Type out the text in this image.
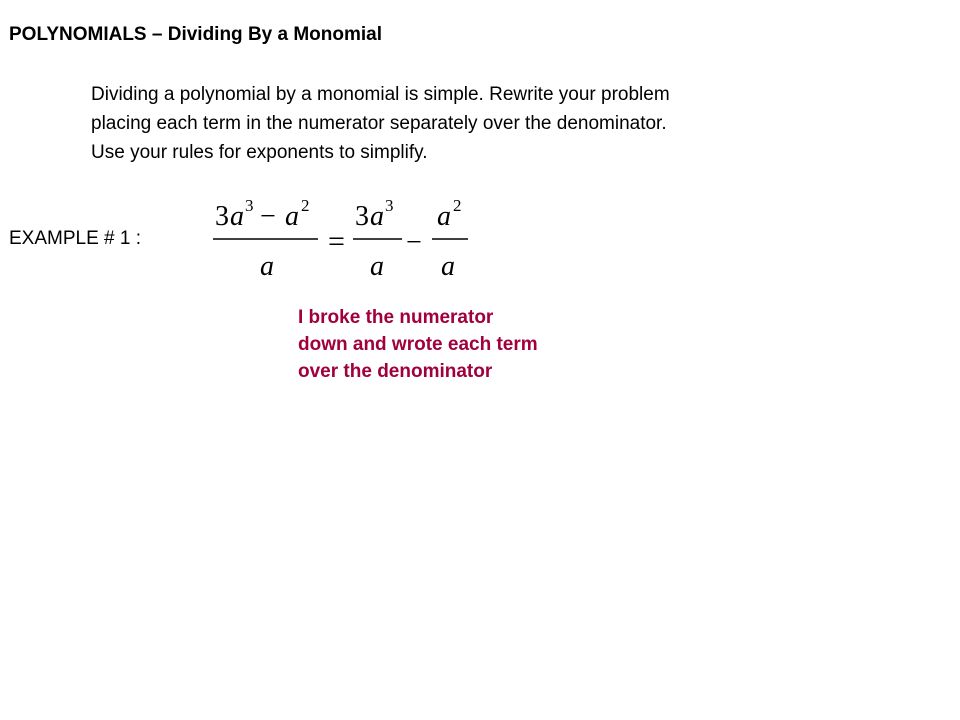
POLYNOMIALS – Dividing By a Monomial
Dividing a polynomial by a monomial is simple. Rewrite your problem
placing each term in the numerator separately over the denominator.
Use your rules for exponents to simplify.
EXAMPLE # 1 :
3 a 3 − a 2
a
=
3 a 3
a
−
a 2
a
I broke the numerator
down and wrote each term
over the denominator
